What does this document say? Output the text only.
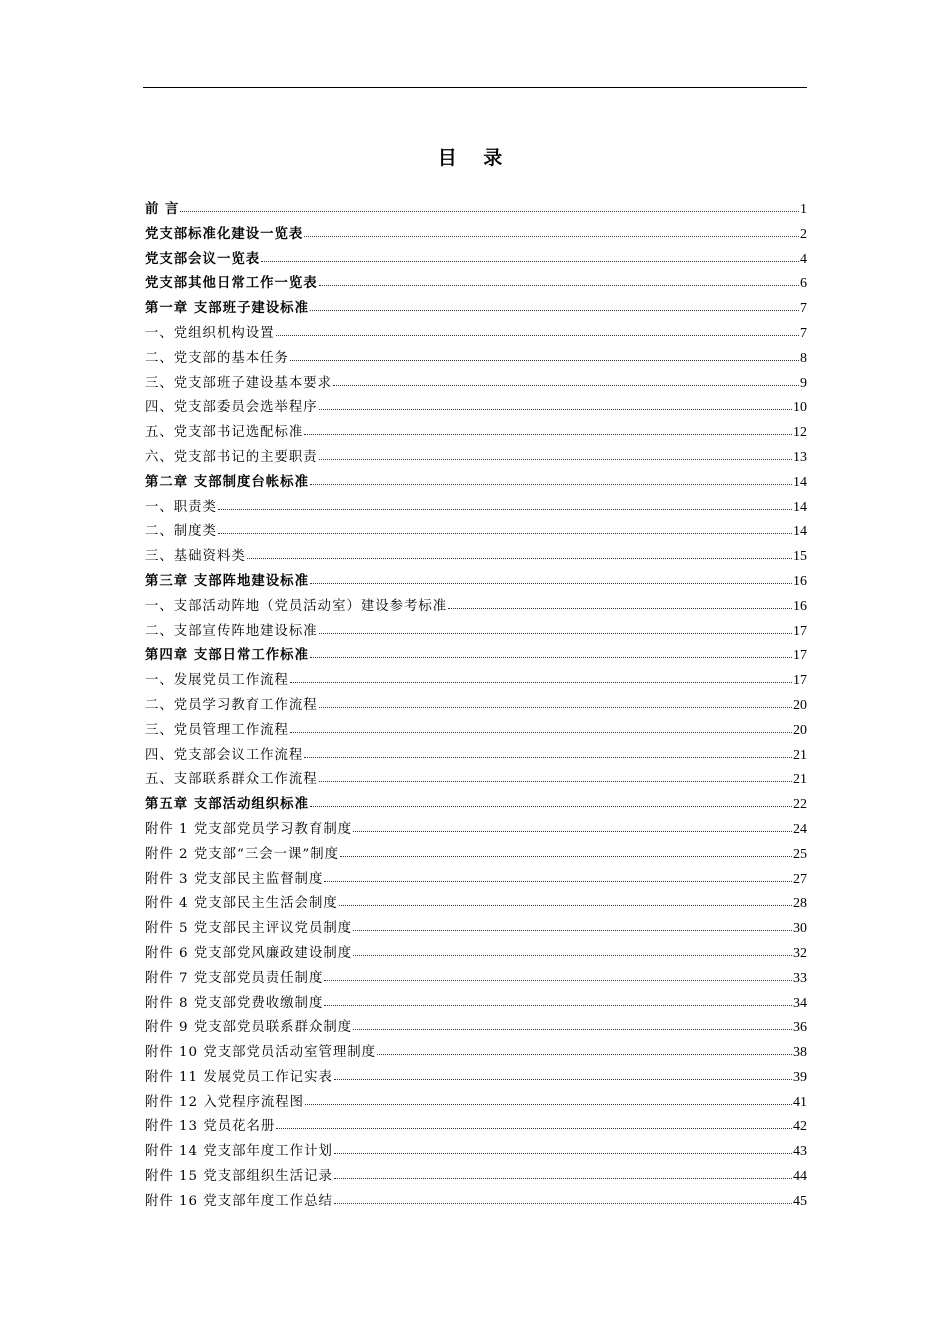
目 录
前 言	1
党支部标准化建设一览表	2
党支部会议一览表	4
党支部其他日常工作一览表	6
第一章 支部班子建设标准	7
一、党组织机构设置	7
二、党支部的基本任务	8
三、党支部班子建设基本要求	9
四、党支部委员会选举程序	10
五、党支部书记选配标准	12
六、党支部书记的主要职责	13
第二章 支部制度台帐标准	14
一、职责类	14
二、制度类	14
三、基础资料类	15
第三章 支部阵地建设标准	16
一、支部活动阵地（党员活动室）建设参考标准	16
二、支部宣传阵地建设标准	17
第四章 支部日常工作标准	17
一、发展党员工作流程	17
二、党员学习教育工作流程	20
三、党员管理工作流程	20
四、党支部会议工作流程	21
五、支部联系群众工作流程	21
第五章 支部活动组织标准	22
附件 1 党支部党员学习教育制度	24
附件 2 党支部“三会一课”制度	25
附件 3 党支部民主监督制度	27
附件 4 党支部民主生活会制度	28
附件 5 党支部民主评议党员制度	30
附件 6 党支部党风廉政建设制度	32
附件 7 党支部党员责任制度	33
附件 8 党支部党费收缴制度	34
附件 9 党支部党员联系群众制度	36
附件 10 党支部党员活动室管理制度	38
附件 11 发展党员工作记实表	39
附件 12 入党程序流程图	41
附件 13 党员花名册	42
附件 14 党支部年度工作计划	43
附件 15 党支部组织生活记录	44
附件 16 党支部年度工作总结	45
